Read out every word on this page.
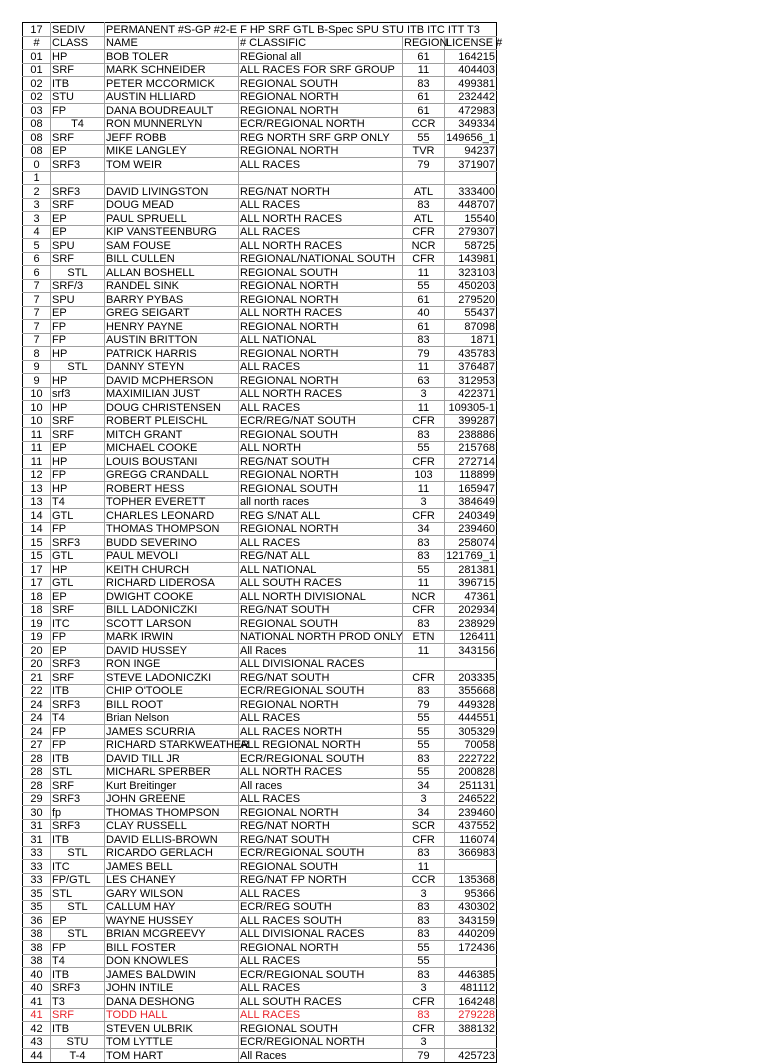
17	SEDIV	PERMANENT #S-GP #2-E F HP SRF GTL B-Spec SPU STU ITB ITC ITT T3			
#	CLASS	NAME	# CLASSIFIC	REGION	LICENSE #
01	HP	BOB TOLER	REGional all	61	164215
01	SRF	MARK SCHNEIDER	ALL RACES FOR SRF GROUP	11	404403
02	ITB	PETER MCCORMICK	REGIONAL SOUTH	83	499381
02	STU	AUSTIN HLLIARD	REGIONAL NORTH	61	232442
03	FP	DANA BOUDREAULT	REGIONAL NORTH	61	472983
08	T4	RON MUNNERLYN	ECR/REGIONAL NORTH	CCR	349334
08	SRF	JEFF ROBB	REG NORTH SRF GRP ONLY	55	149656_1
08	EP	MIKE LANGLEY	REGIONAL NORTH	TVR	94237
0	SRF3	TOM WEIR	ALL RACES	79	371907
1					
2	SRF3	DAVID LIVINGSTON	REG/NAT NORTH	ATL	333400
3	SRF	DOUG MEAD	ALL RACES	83	448707
3	EP	PAUL SPRUELL	ALL NORTH RACES	ATL	15540
4	EP	KIP VANSTEENBURG	ALL RACES	CFR	279307
5	SPU	SAM FOUSE	ALL NORTH RACES	NCR	58725
6	SRF	BILL CULLEN	REGIONAL/NATIONAL SOUTH	CFR	143981
6	STL	ALLAN BOSHELL	REGIONAL SOUTH	11	323103
7	SRF/3	RANDEL SINK	REGIONAL NORTH	55	450203
7	SPU	BARRY PYBAS	REGIONAL NORTH	61	279520
7	EP	GREG SEIGART	ALL NORTH RACES	40	55437
7	FP	HENRY PAYNE	REGIONAL NORTH	61	87098
7	FP	AUSTIN BRITTON	ALL NATIONAL	83	1871
8	HP	PATRICK HARRIS	REGIONAL NORTH	79	435783
9	STL	DANNY STEYN	ALL RACES	11	376487
9	HP	DAVID MCPHERSON	REGIONAL NORTH	63	312953
10	srf3	MAXIMILIAN JUST	ALL NORTH RACES	3	422371
10	HP	DOUG CHRISTENSEN	ALL RACES	11	109305-1
10	SRF	ROBERT PLEISCHL	ECR/REG/NAT SOUTH	CFR	399287
11	SRF	MITCH GRANT	REGIONAL SOUTH	83	238886
11	EP	MICHAEL COOKE	ALL NORTH	55	215768
11	HP	LOUIS BOUSTANI	REG/NAT SOUTH	CFR	272714
12	FP	GREGG CRANDALL	REGIONAL NORTH	103	118899
13	HP	ROBERT HESS	REGIONAL SOUTH	11	165947
13	T4	TOPHER EVERETT	all north races	3	384649
14	GTL	CHARLES LEONARD	REG S/NAT ALL	CFR	240349
14	FP	THOMAS THOMPSON	REGIONAL NORTH	34	239460
15	SRF3	BUDD SEVERINO	ALL RACES	83	258074
15	GTL	PAUL MEVOLI	REG/NAT ALL	83	121769_1
17	HP	KEITH CHURCH	ALL NATIONAL	55	281381
17	GTL	RICHARD LIDEROSA	ALL SOUTH RACES	11	396715
18	EP	DWIGHT COOKE	ALL NORTH DIVISIONAL	NCR	47361
18	SRF	BILL LADONICZKI	REG/NAT SOUTH	CFR	202934
19	ITC	SCOTT LARSON	REGIONAL SOUTH	83	238929
19	FP	MARK IRWIN	NATIONAL NORTH PROD ONLY	ETN	126411
20	EP	DAVID HUSSEY	All Races	11	343156
20	SRF3	RON INGE	ALL DIVISIONAL RACES		
21	SRF	STEVE LADONICZKI	REG/NAT SOUTH	CFR	203335
22	ITB	CHIP O'TOOLE	ECR/REGIONAL SOUTH	83	355668
24	SRF3	BILL ROOT	REGIONAL NORTH	79	449328
24	T4	Brian Nelson	ALL RACES	55	444551
24	FP	JAMES SCURRIA	ALL RACES NORTH	55	305329
27	FP	RICHARD STARKWEATHER	ALL REGIONAL NORTH	55	70058
28	ITB	DAVID TILL JR	ECR/REGIONAL SOUTH	83	222722
28	STL	MICHARL SPERBER	ALL NORTH RACES	55	200828
28	SRF	Kurt Breitinger	All races	34	251131
29	SRF3	JOHN GREENE	ALL RACES	3	246522
30	fp	THOMAS THOMPSON	REGIONAL NORTH	34	239460
31	SRF3	CLAY RUSSELL	REG/NAT NORTH	SCR	437552
31	ITB	DAVID ELLIS-BROWN	REG/NAT SOUTH	CFR	116074
33	STL	RICARDO GERLACH	ECR/REGIONAL SOUTH	83	366983
33	ITC	JAMES BELL	REGIONAL SOUTH	11	
33	FP/GTL	LES CHANEY	REG/NAT FP NORTH	CCR	135368
35	STL	GARY WILSON	ALL RACES	3	95366
35	STL	CALLUM HAY	ECR/REG SOUTH	83	430302
36	EP	WAYNE HUSSEY	ALL RACES SOUTH	83	343159
38	STL	BRIAN MCGREEVY	ALL DIVISIONAL RACES	83	440209
38	FP	BILL FOSTER	REGIONAL NORTH	55	172436
38	T4	DON KNOWLES	ALL RACES	55	
40	ITB	JAMES BALDWIN	ECR/REGIONAL SOUTH	83	446385
40	SRF3	JOHN INTILE	ALL RACES	3	481112
41	T3	DANA DESHONG	ALL SOUTH RACES	CFR	164248
41	SRF	TODD HALL	ALL RACES	83	279228
42	ITB	STEVEN ULBRIK	REGIONAL SOUTH	CFR	388132
43	STU	TOM LYTTLE	ECR/REGIONAL NORTH	3	
44	T-4	TOM HART	All Races	79	425723
